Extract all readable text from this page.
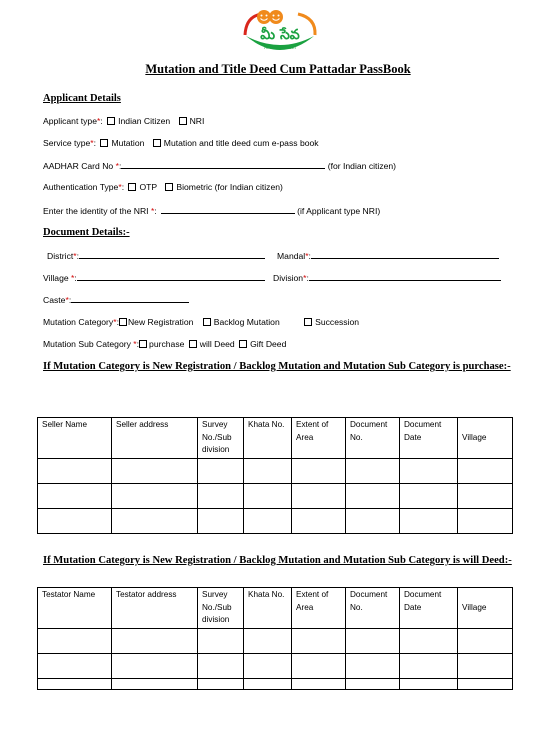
మీ సేవ
Andhra Pradesh
Mutation and Title Deed Cum Pattadar PassBook
Applicant Details
Applicant type*: Indian Citizen NRI
Service type*: Mutation Mutation and title deed cum e-pass book
AADHAR Card No *:	(for Indian citizen)
Authentication Type*: OTP Biometric (for Indian citizen)
Enter the identity of the NRI *:	(if Applicant type NRI)
Document Details:-
District*:	Mandal*:
Village *:	Division*:
Caste*:
Mutation Category*: New Registration Backlog Mutation	Succession
Mutation Sub Category *: purchase will Deed Gift Deed
If Mutation Category is New Registration / Backlog Mutation and Mutation Sub Category is purchase:-
Seller Name	Seller address	Survey No./Sub division	Khata No.	Extent of Area	Document No.	Document Date	Village

If Mutation Category is New Registration / Backlog Mutation and Mutation Sub Category is will Deed:-
Testator Name	Testator address	Survey No./Sub division	Khata No.	Extent of Area	Document No.	Document Date	Village
